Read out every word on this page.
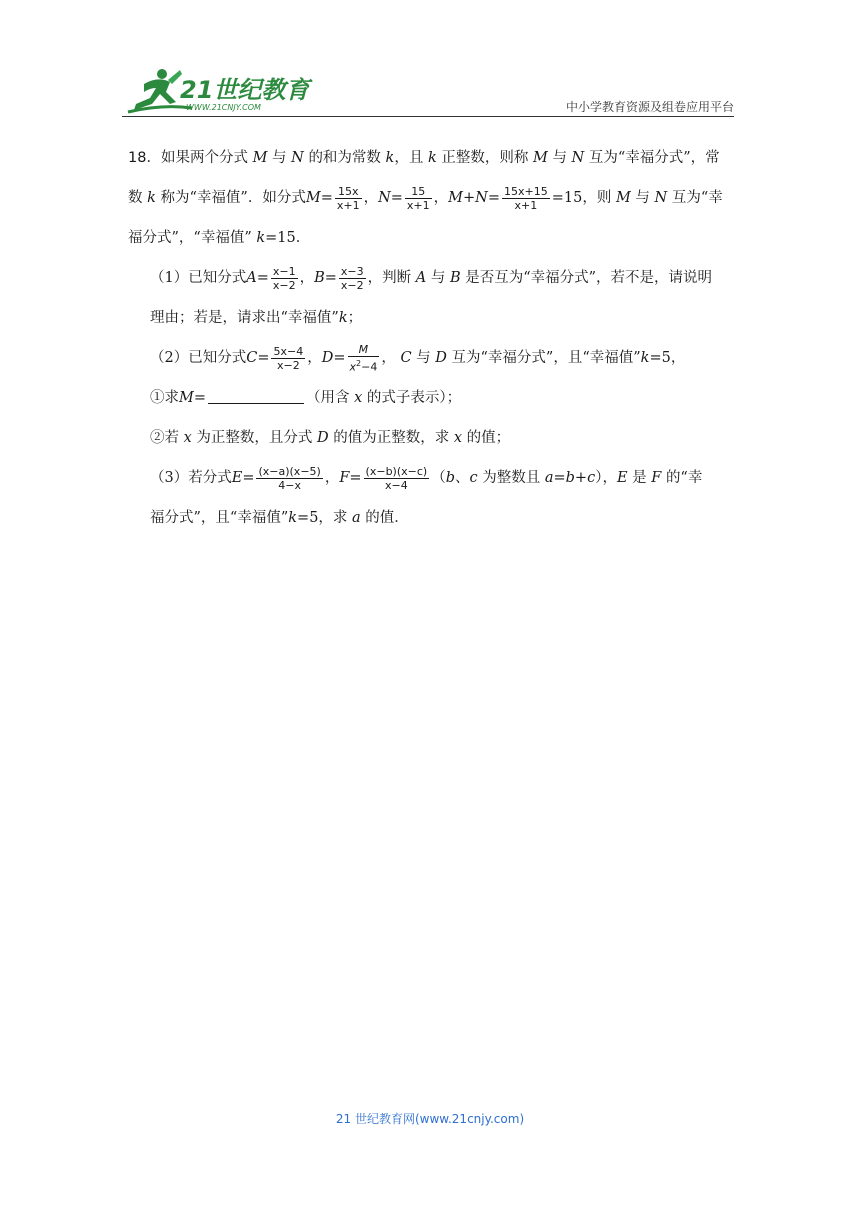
21世纪教育
WWW.21CNJY.COM	中小学教育资源及组卷应用平台
18．如果两个分式 M 与 N 的和为常数 k，且 k 正整数，则称 M 与 N 互为“幸福分式”，常
数 k 称为“幸福值”．如分式$M= \frac{15x}{x+1}$ ，$N= \frac{15}{x+1}$ ，$M+N= \frac{15x+15}{x+1} =15$，则 M 与 N 互为“幸
福分式”，“幸福值” k=15．
（1）已知分式$A= \frac{x-1}{x-2}$ ，$B= \frac{x-3}{x-2}$ ，判断 A 与 B 是否互为“幸福分式”，若不是，请说明
理由；若是，请求出“幸福值”k；
（2）已知分式$C= \frac{5x-4}{x-2}$ ，$D= \frac{M}{x^2-4}$ ， C 与 D 互为“幸福分式”，且“幸福值”k=5，
①求M=	（用含 x 的式子表示）；
②若 x 为正整数，且分式 D 的值为正整数，求 x 的值；
（3）若分式$E= \frac{(x-a)(x-5)}{4-x}$ ，$F= \frac{(x-b)(x-c)}{x-4} (b$、c 为整数且 a=b+c），E 是 F 的“幸
福分式”，且“幸福值”k=5，求 a 的值．
21 世纪教育网(www.21cnjy.com)
